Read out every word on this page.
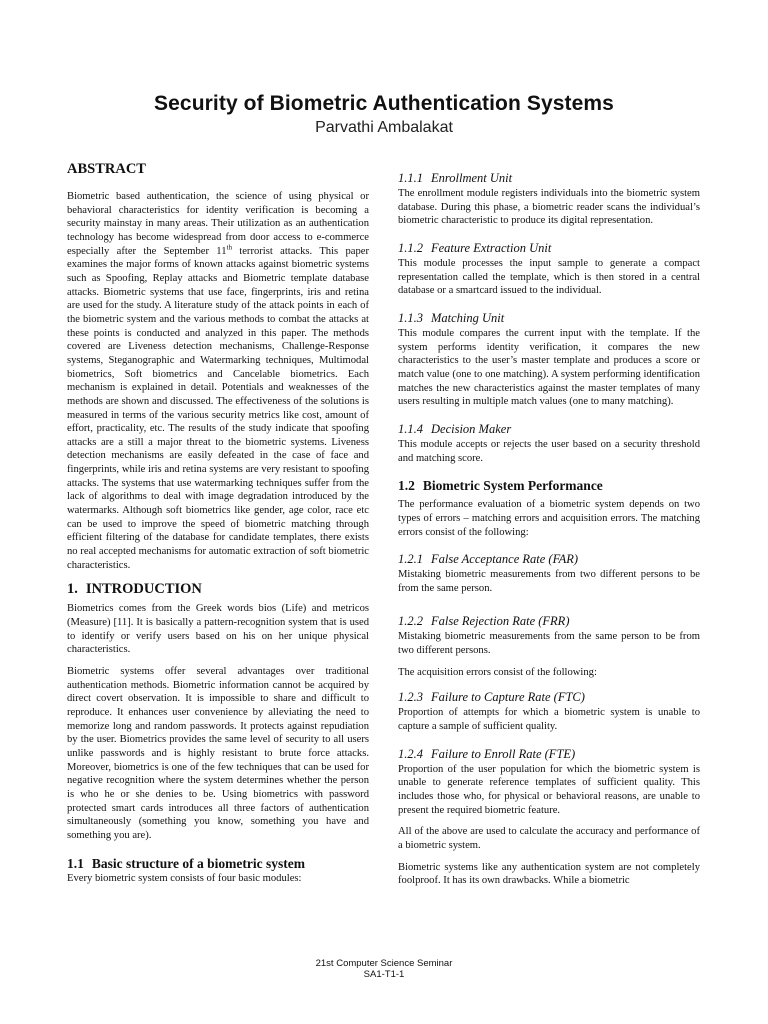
Security of Biometric Authentication Systems
Parvathi Ambalakat
ABSTRACT

Biometric based authentication, the science of using physical or behavioral characteristics for identity verification is becoming a security mainstay in many areas. Their utilization as an authentication technology has become widespread from door access to e-commerce especially after the September 11th terrorist attacks. This paper examines the major forms of known attacks against biometric systems such as Spoofing, Replay attacks and Biometric template database attacks. Biometric systems that use face, fingerprints, iris and retina are used for the study. A literature study of the attack points in each of the biometric system and the various methods to combat the attacks at these points is conducted and analyzed in this paper. The methods covered are Liveness detection mechanisms, Challenge-Response systems, Steganographic and Watermarking techniques, Multimodal biometrics, Soft biometrics and Cancelable biometrics. Each mechanism is explained in detail. Potentials and weaknesses of the methods are shown and discussed. The effectiveness of the solutions is measured in terms of the various security metrics like cost, amount of effort, practicality, etc. The results of the study indicate that spoofing attacks are a still a major threat to the biometric systems. Liveness detection mechanisms are easily defeated in the case of face and fingerprints, while iris and retina systems are very resistant to spoofing attacks. The systems that use watermarking techniques suffer from the lack of algorithms to deal with image degradation introduced by the watermarks. Although soft biometrics like gender, age color, race etc can be used to improve the speed of biometric matching through efficient filtering of the database for candidate templates, there exists no real accepted mechanisms for automatic extraction of soft biometric characteristics.

1. INTRODUCTION

Biometrics comes from the Greek words bios (Life) and metricos (Measure) [11]. It is basically a pattern-recognition system that is used to identify or verify users based on his on her unique physical characteristics.

Biometric systems offer several advantages over traditional authentication methods. Biometric information cannot be acquired by direct covert observation. It is impossible to share and difficult to reproduce. It enhances user convenience by alleviating the need to memorize long and random passwords. It protects against repudiation by the user. Biometrics provides the same level of security to all users unlike passwords and is highly resistant to brute force attacks. Moreover, biometrics is one of the few techniques that can be used for negative recognition where the system determines whether the person is who he or she denies to be. Using biometrics with password protected smart cards introduces all three factors of authentication simultaneously (something you know, something you have and something you are).

1.1 Basic structure of a biometric system

Every biometric system consists of four basic modules:

1.1.1 Enrollment Unit

The enrollment module registers individuals into the biometric system database. During this phase, a biometric reader scans the individual’s biometric characteristic to produce its digital representation.

1.1.2 Feature Extraction Unit

This module processes the input sample to generate a compact representation called the template, which is then stored in a central database or a smartcard issued to the individual.

1.1.3 Matching Unit

This module compares the current input with the template. If the system performs identity verification, it compares the new characteristics to the user’s master template and produces a score or match value (one to one matching). A system performing identification matches the new characteristics against the master templates of many users resulting in multiple match values (one to many matching).

1.1.4 Decision Maker

This module accepts or rejects the user based on a security threshold and matching score.

1.2 Biometric System Performance

The performance evaluation of a biometric system depends on two types of errors – matching errors and acquisition errors. The matching errors consist of the following:

1.2.1 False Acceptance Rate (FAR)

Mistaking biometric measurements from two different persons to be from the same person.

1.2.2 False Rejection Rate (FRR)

Mistaking biometric measurements from the same person to be from two different persons.

The acquisition errors consist of the following:

1.2.3 Failure to Capture Rate (FTC)

Proportion of attempts for which a biometric system is unable to capture a sample of sufficient quality.

1.2.4 Failure to Enroll Rate (FTE)

Proportion of the user population for which the biometric system is unable to generate reference templates of sufficient quality. This includes those who, for physical or behavioral reasons, are unable to present the required biometric feature.

All of the above are used to calculate the accuracy and performance of a biometric system.

Biometric systems like any authentication system are not completely foolproof. It has its own drawbacks. While a biometric

21st Computer Science Seminar
SA1-T1-1
